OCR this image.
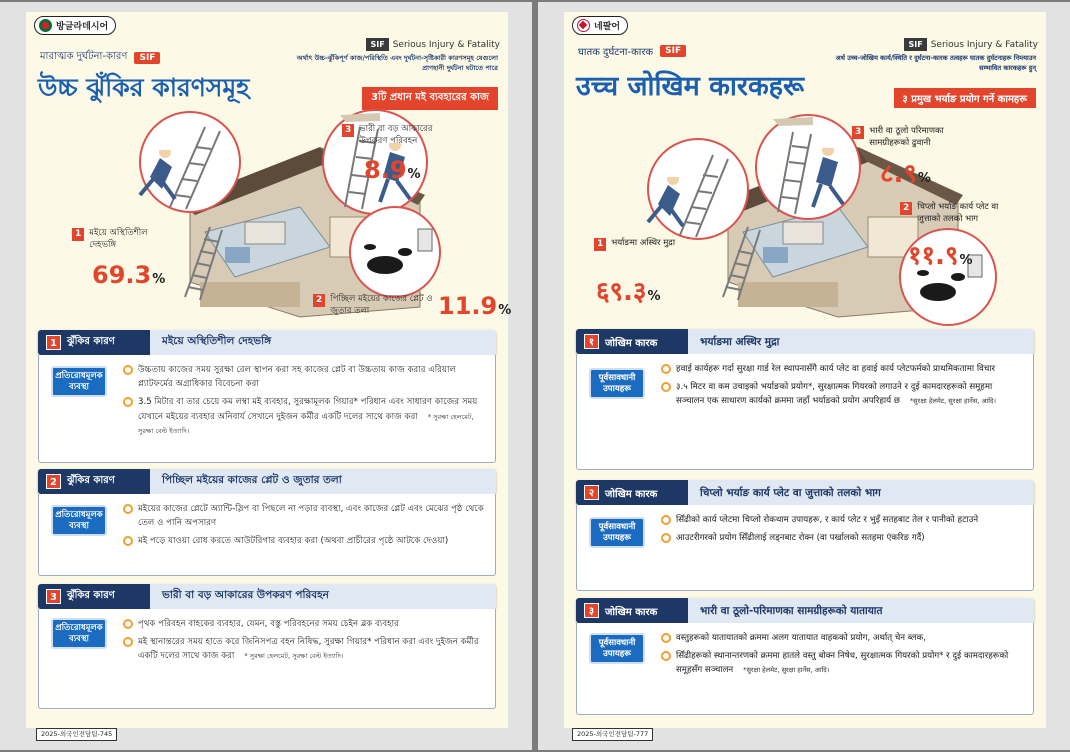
방글라데시어
মারাত্মক দুর্ঘটনা-কারণ	SIF
উচ্চ ঝুঁকির কারণসমূহ
SIF Serious Injury & Fatality
অর্থাৎ উচ্চ-ঝুঁকিপূর্ণ কাজ/পরিস্থিতি এবং দুর্ঘটনা-সৃষ্টিকারী কারণসমূহ যেগুলো প্রাণহানী দুর্ঘটনা ঘটাতে পারে
3টি প্রধান মই ব্যবহারের কাজ
1 মইয়ে অস্থিতিশীল দেহভঙ্গি
69.3%
2 পিচ্ছিল মইয়ের কাজের প্লেট ও জুতার তলা	11.9%
3 ভারী বা বড় আকারের উপকরণ পরিবহন
8.9%
1	ঝুঁকির কারণ	মইয়ে অস্থিতিশীল দেহভঙ্গি
প্রতিরোধমূলক ব্যবস্থা
উচ্চতায় কাজের সময় সুরক্ষা রেল স্থাপন করা সহ কাজের প্লেট বা উচ্চতায় কাজ করার এরিয়াল প্ল্যাটফর্মের অগ্রাধিকার বিবেচনা করা
3.5 মিটার বা তার চেয়ে কম লম্বা মই ব্যবহার, সুরক্ষামূলক গিয়ার* পরিধান এবং সাধারণ কাজের সময় যেখানে মইয়ের ব্যবহার অনিবার্য সেখানে দুইজন কর্মীর একটি দলের সাথে কাজ করা * সুরক্ষা হেলমেট, সুরক্ষা বেল্ট ইত্যাদি।
2	ঝুঁকির কারণ	পিচ্ছিল মইয়ের কাজের প্লেট ও জুতার তলা
প্রতিরোধমূলক ব্যবস্থা
মইয়ের কাজের প্লেটে অ্যান্টি-স্লিপ বা পিছলে না পড়ার ব্যবস্থা, এবং কাজের প্লেট এবং মেঝের পৃষ্ঠ থেকে তেল ও পানি অপসারণ
মই পড়ে যাওয়া রোধ করতে আউটরিগার ব্যবহার করা (অথবা প্রাচীরের পৃষ্ঠে আটকে দেওয়া)
3	ঝুঁকির কারণ	ভারী বা বড় আকারের উপকরণ পরিবহন
প্রতিরোধমূলক ব্যবস্থা
পৃথক পরিবহন বাহকের ব্যবহার, যেমন, বস্তু পরিবহনের সময় চেইন ব্লক ব্যবহার
মই স্থানান্তরের সময় হাতে করে জিনিসপত্র বহন নিষিদ্ধ, সুরক্ষা গিয়ার* পরিধান করা এবং দুইজন কর্মীর একটি দলের সাথে কাজ করা * সুরক্ষা হেলমেট, সুরক্ষা বেল্ট ইত্যাদি।
2025-외국인전담팀-745
네팔어
घातक दुर्घटना-कारक	SIF
उच्च जोखिम कारकहरू
SIF Serious Injury & Fatality
अर्थ उच्च-जोखिम कार्य/स्थिति र दुर्घटना-कारक तत्वहरू घातक दुर्घटनाहरू निम्त्याउन सम्भावित कारकहरू हुन्
३ प्रमुख भर्याङ प्रयोग गर्ने कामहरू
1 भर्याङमा अस्थिर मुद्रा
६९.३%
2 चिप्लो भर्याङ कार्य प्लेट वा जुत्ताको तलको भाग
११.९%
3 भारी वा ठूलो परिमाणका सामग्रीहरूको ढुवानी
८.९%
१	जोखिम कारक	भर्याङमा अस्थिर मुद्रा
पूर्वसावधानी उपायहरू
हवाई कार्यहरू गर्दा सुरक्षा गार्ड रेल स्थापनासँगै कार्य प्लेट वा हवाई कार्य प्लेटफर्मको प्राथमिकतामा विचार
३.५ मिटर वा कम उचाइको भर्याङको प्रयोग*, सुरक्षात्मक गियरको लगाउने र दुई कामदारहरूको समूहमा सञ्चालन एक साधारण कार्यको क्रममा जहाँ भर्याङको प्रयोग अपरिहार्य छ *सुरक्षा हेलमेट, सुरक्षा हार्नेस, आदि।
२	जोखिम कारक	चिप्लो भर्याङ कार्य प्लेट वा जुत्ताको तलको भाग
पूर्वसावधानी उपायहरू
सिँढीको कार्य प्लेटमा चिप्लो रोकथाम उपायहरू, र कार्य प्लेट र भुइँ सतहबाट तेल र पानीको हटाउने
आउटरीगरको प्रयोग सिँढीलाई लड्नबाट रोक्न (वा पर्खालको सतहमा एंकरिङ गर्दै)
३	जोखिम कारक	भारी वा ठूलो-परिमाणका सामग्रीहरूको यातायात
पूर्वसावधानी उपायहरू
वस्तुहरूको यातायातको क्रममा अलग यातायात वाहकको प्रयोग, अर्थात् चेन ब्लक,
सिँढीहरूको स्थानान्तरणको क्रममा हातले वस्तु बोक्न निषेध, सुरक्षात्मक गियरको प्रयोग* र दुई कामदारहरूको समूहसँग सञ्चालन *सुरक्षा हेलमेट, सुरक्षा हार्नेस, आदि।
2025-외국인전담팀-777
